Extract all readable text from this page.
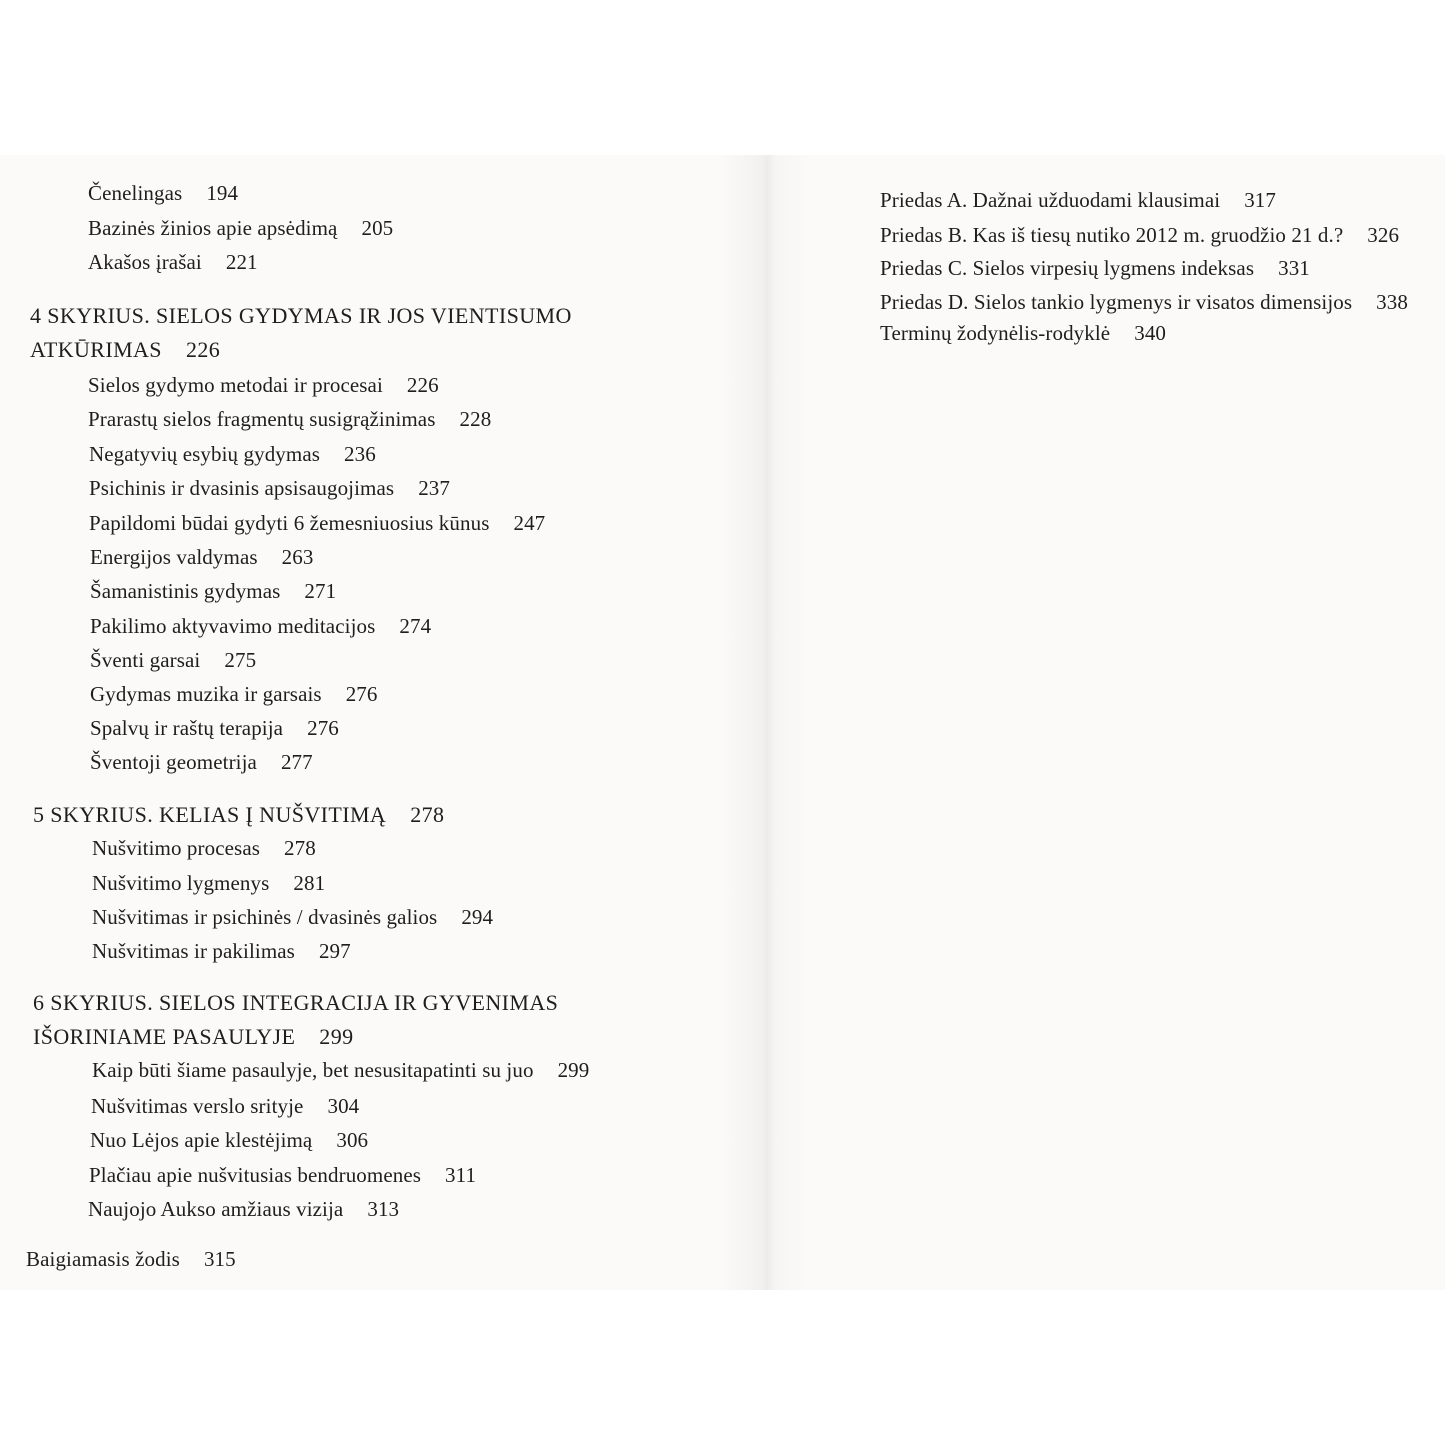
Čenelingas 194
Bazinės žinios apie apsėdimą 205
Akašos įrašai 221
4 SKYRIUS. SIELOS GYDYMAS IR JOS VIENTISUMO
ATKŪRIMAS 226
Sielos gydymo metodai ir procesai 226
Prarastų sielos fragmentų susigrąžinimas 228
Negatyvių esybių gydymas 236
Psichinis ir dvasinis apsisaugojimas 237
Papildomi būdai gydyti 6 žemesniuosius kūnus 247
Energijos valdymas 263
Šamanistinis gydymas 271
Pakilimo aktyvavimo meditacijos 274
Šventi garsai 275
Gydymas muzika ir garsais 276
Spalvų ir raštų terapija 276
Šventoji geometrija 277
5 SKYRIUS. KELIAS Į NUŠVITIMĄ 278
Nušvitimo procesas 278
Nušvitimo lygmenys 281
Nušvitimas ir psichinės / dvasinės galios 294
Nušvitimas ir pakilimas 297
6 SKYRIUS. SIELOS INTEGRACIJA IR GYVENIMAS
IŠORINIAME PASAULYJE 299
Kaip būti šiame pasaulyje, bet nesusitapatinti su juo 299
Nušvitimas verslo srityje 304
Nuo Lėjos apie klestėjimą 306
Plačiau apie nušvitusias bendruomenes 311
Naujojo Aukso amžiaus vizija 313
Baigiamasis žodis 315
Priedas A. Dažnai užduodami klausimai 317
Priedas B. Kas iš tiesų nutiko 2012 m. gruodžio 21 d.? 326
Priedas C. Sielos virpesių lygmens indeksas 331
Priedas D. Sielos tankio lygmenys ir visatos dimensijos 338
Terminų žodynėlis-rodyklė 340
